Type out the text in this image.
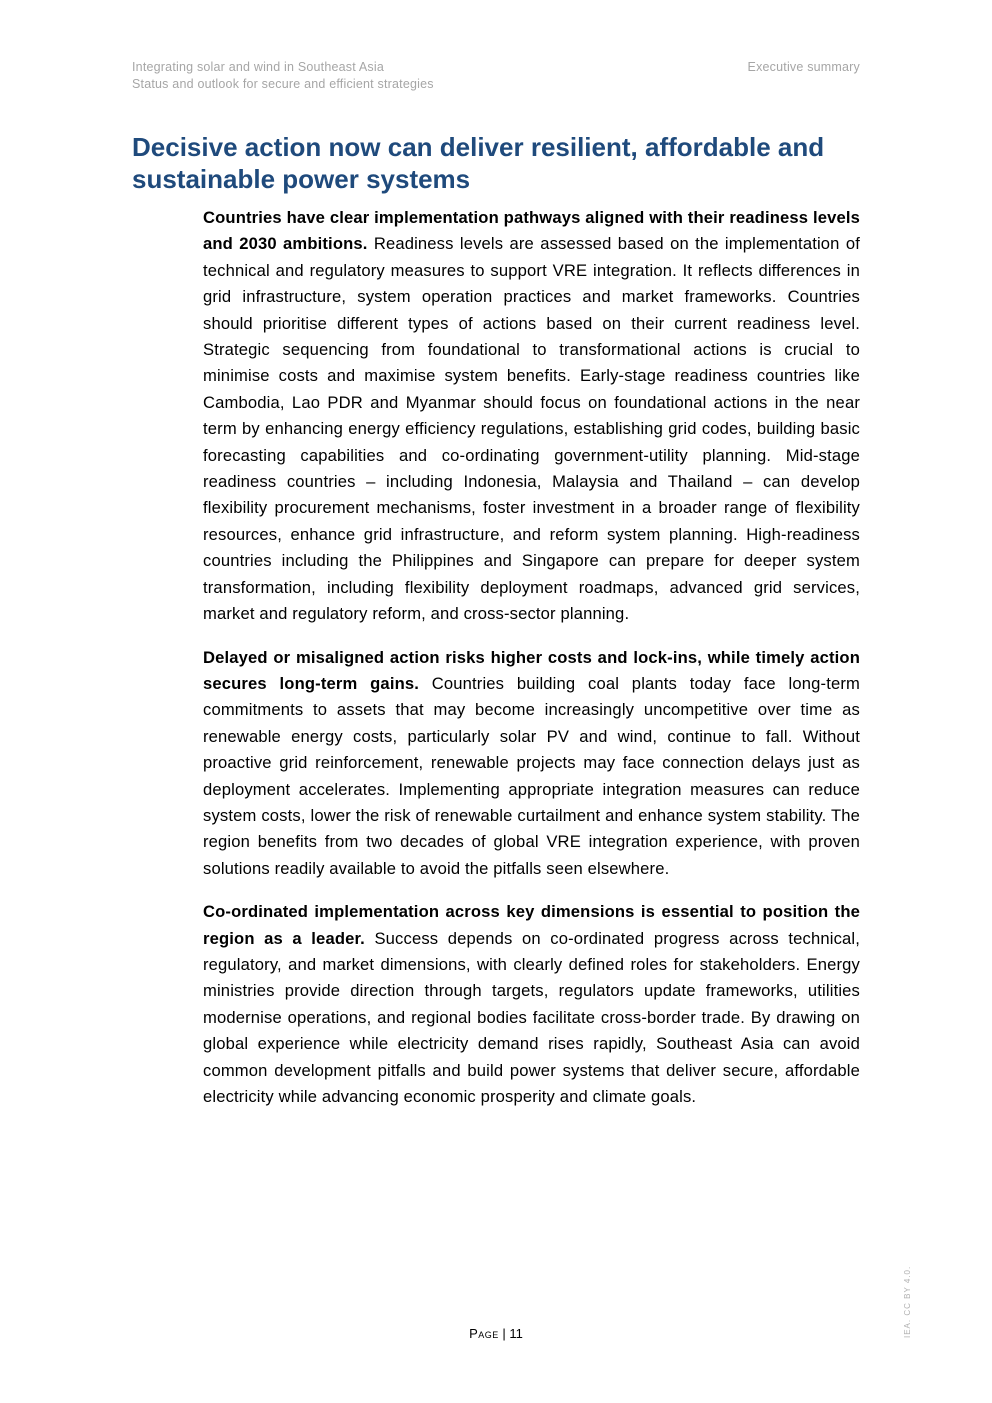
Integrating solar and wind in Southeast Asia
Status and outlook for secure and efficient strategies
Executive summary
Decisive action now can deliver resilient, affordable and sustainable power systems

Countries have clear implementation pathways aligned with their readiness levels and 2030 ambitions. Readiness levels are assessed based on the implementation of technical and regulatory measures to support VRE integration. It reflects differences in grid infrastructure, system operation practices and market frameworks. Countries should prioritise different types of actions based on their current readiness level. Strategic sequencing from foundational to transformational actions is crucial to minimise costs and maximise system benefits. Early-stage readiness countries like Cambodia, Lao PDR and Myanmar should focus on foundational actions in the near term by enhancing energy efficiency regulations, establishing grid codes, building basic forecasting capabilities and co-ordinating government-utility planning. Mid-stage readiness countries – including Indonesia, Malaysia and Thailand – can develop flexibility procurement mechanisms, foster investment in a broader range of flexibility resources, enhance grid infrastructure, and reform system planning. High-readiness countries including the Philippines and Singapore can prepare for deeper system transformation, including flexibility deployment roadmaps, advanced grid services, market and regulatory reform, and cross-sector planning.

Delayed or misaligned action risks higher costs and lock-ins, while timely action secures long-term gains. Countries building coal plants today face long-term commitments to assets that may become increasingly uncompetitive over time as renewable energy costs, particularly solar PV and wind, continue to fall. Without proactive grid reinforcement, renewable projects may face connection delays just as deployment accelerates. Implementing appropriate integration measures can reduce system costs, lower the risk of renewable curtailment and enhance system stability. The region benefits from two decades of global VRE integration experience, with proven solutions readily available to avoid the pitfalls seen elsewhere.

Co-ordinated implementation across key dimensions is essential to position the region as a leader. Success depends on co-ordinated progress across technical, regulatory, and market dimensions, with clearly defined roles for stakeholders. Energy ministries provide direction through targets, regulators update frameworks, utilities modernise operations, and regional bodies facilitate cross-border trade. By drawing on global experience while electricity demand rises rapidly, Southeast Asia can avoid common development pitfalls and build power systems that deliver secure, affordable electricity while advancing economic prosperity and climate goals.

Page | 11	IEA. CC BY 4.0.
